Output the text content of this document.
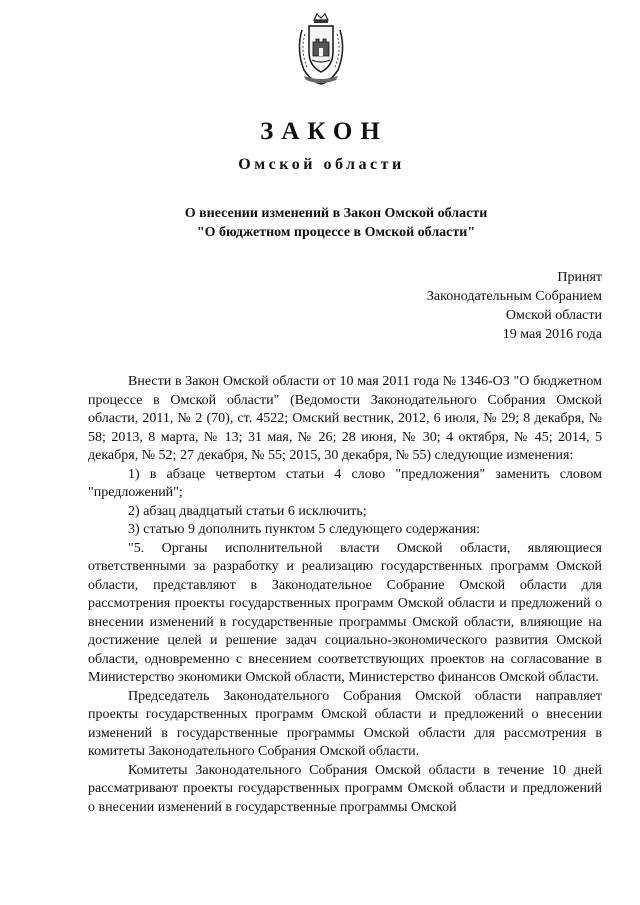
ЗАКОН
Омской области
О внесении изменений в Закон Омской области
"О бюджетном процессе в Омской области"
Принят
Законодательным Собранием
Омской области
19 мая 2016 года

Внести в Закон Омской области от 10 мая 2011 года № 1346-ОЗ "О бюджетном процессе в Омской области" (Ведомости Законодательного Собрания Омской области, 2011, № 2 (70), ст. 4522; Омский вестник, 2012, 6 июля, № 29; 8 декабря, № 58; 2013, 8 марта, № 13; 31 мая, № 26; 28 июня, № 30; 4 октября, № 45; 2014, 5 декабря, № 52; 27 декабря, № 55; 2015, 30 декабря, № 55) следующие изменения:

1) в абзаце четвертом статьи 4 слово "предложения" заменить словом "предложений";

2) абзац двадцатый статьи 6 исключить;

3) статью 9 дополнить пунктом 5 следующего содержания:

"5. Органы исполнительной власти Омской области, являющиеся ответственными за разработку и реализацию государственных программ Омской области, представляют в Законодательное Собрание Омской области для рассмотрения проекты государственных программ Омской области и предложений о внесении изменений в государственные программы Омской области, влияющие на достижение целей и решение задач социально-экономического развития Омской области, одновременно с внесением соответствующих проектов на согласование в Министерство экономики Омской области, Министерство финансов Омской области.

Председатель Законодательного Собрания Омской области направляет проекты государственных программ Омской области и предложений о внесении изменений в государственные программы Омской области для рассмотрения в комитеты Законодательного Собрания Омской области.

Комитеты Законодательного Собрания Омской области в течение 10 дней рассматривают проекты государственных программ Омской области и предложений о внесении изменений в государственные программы Омской
